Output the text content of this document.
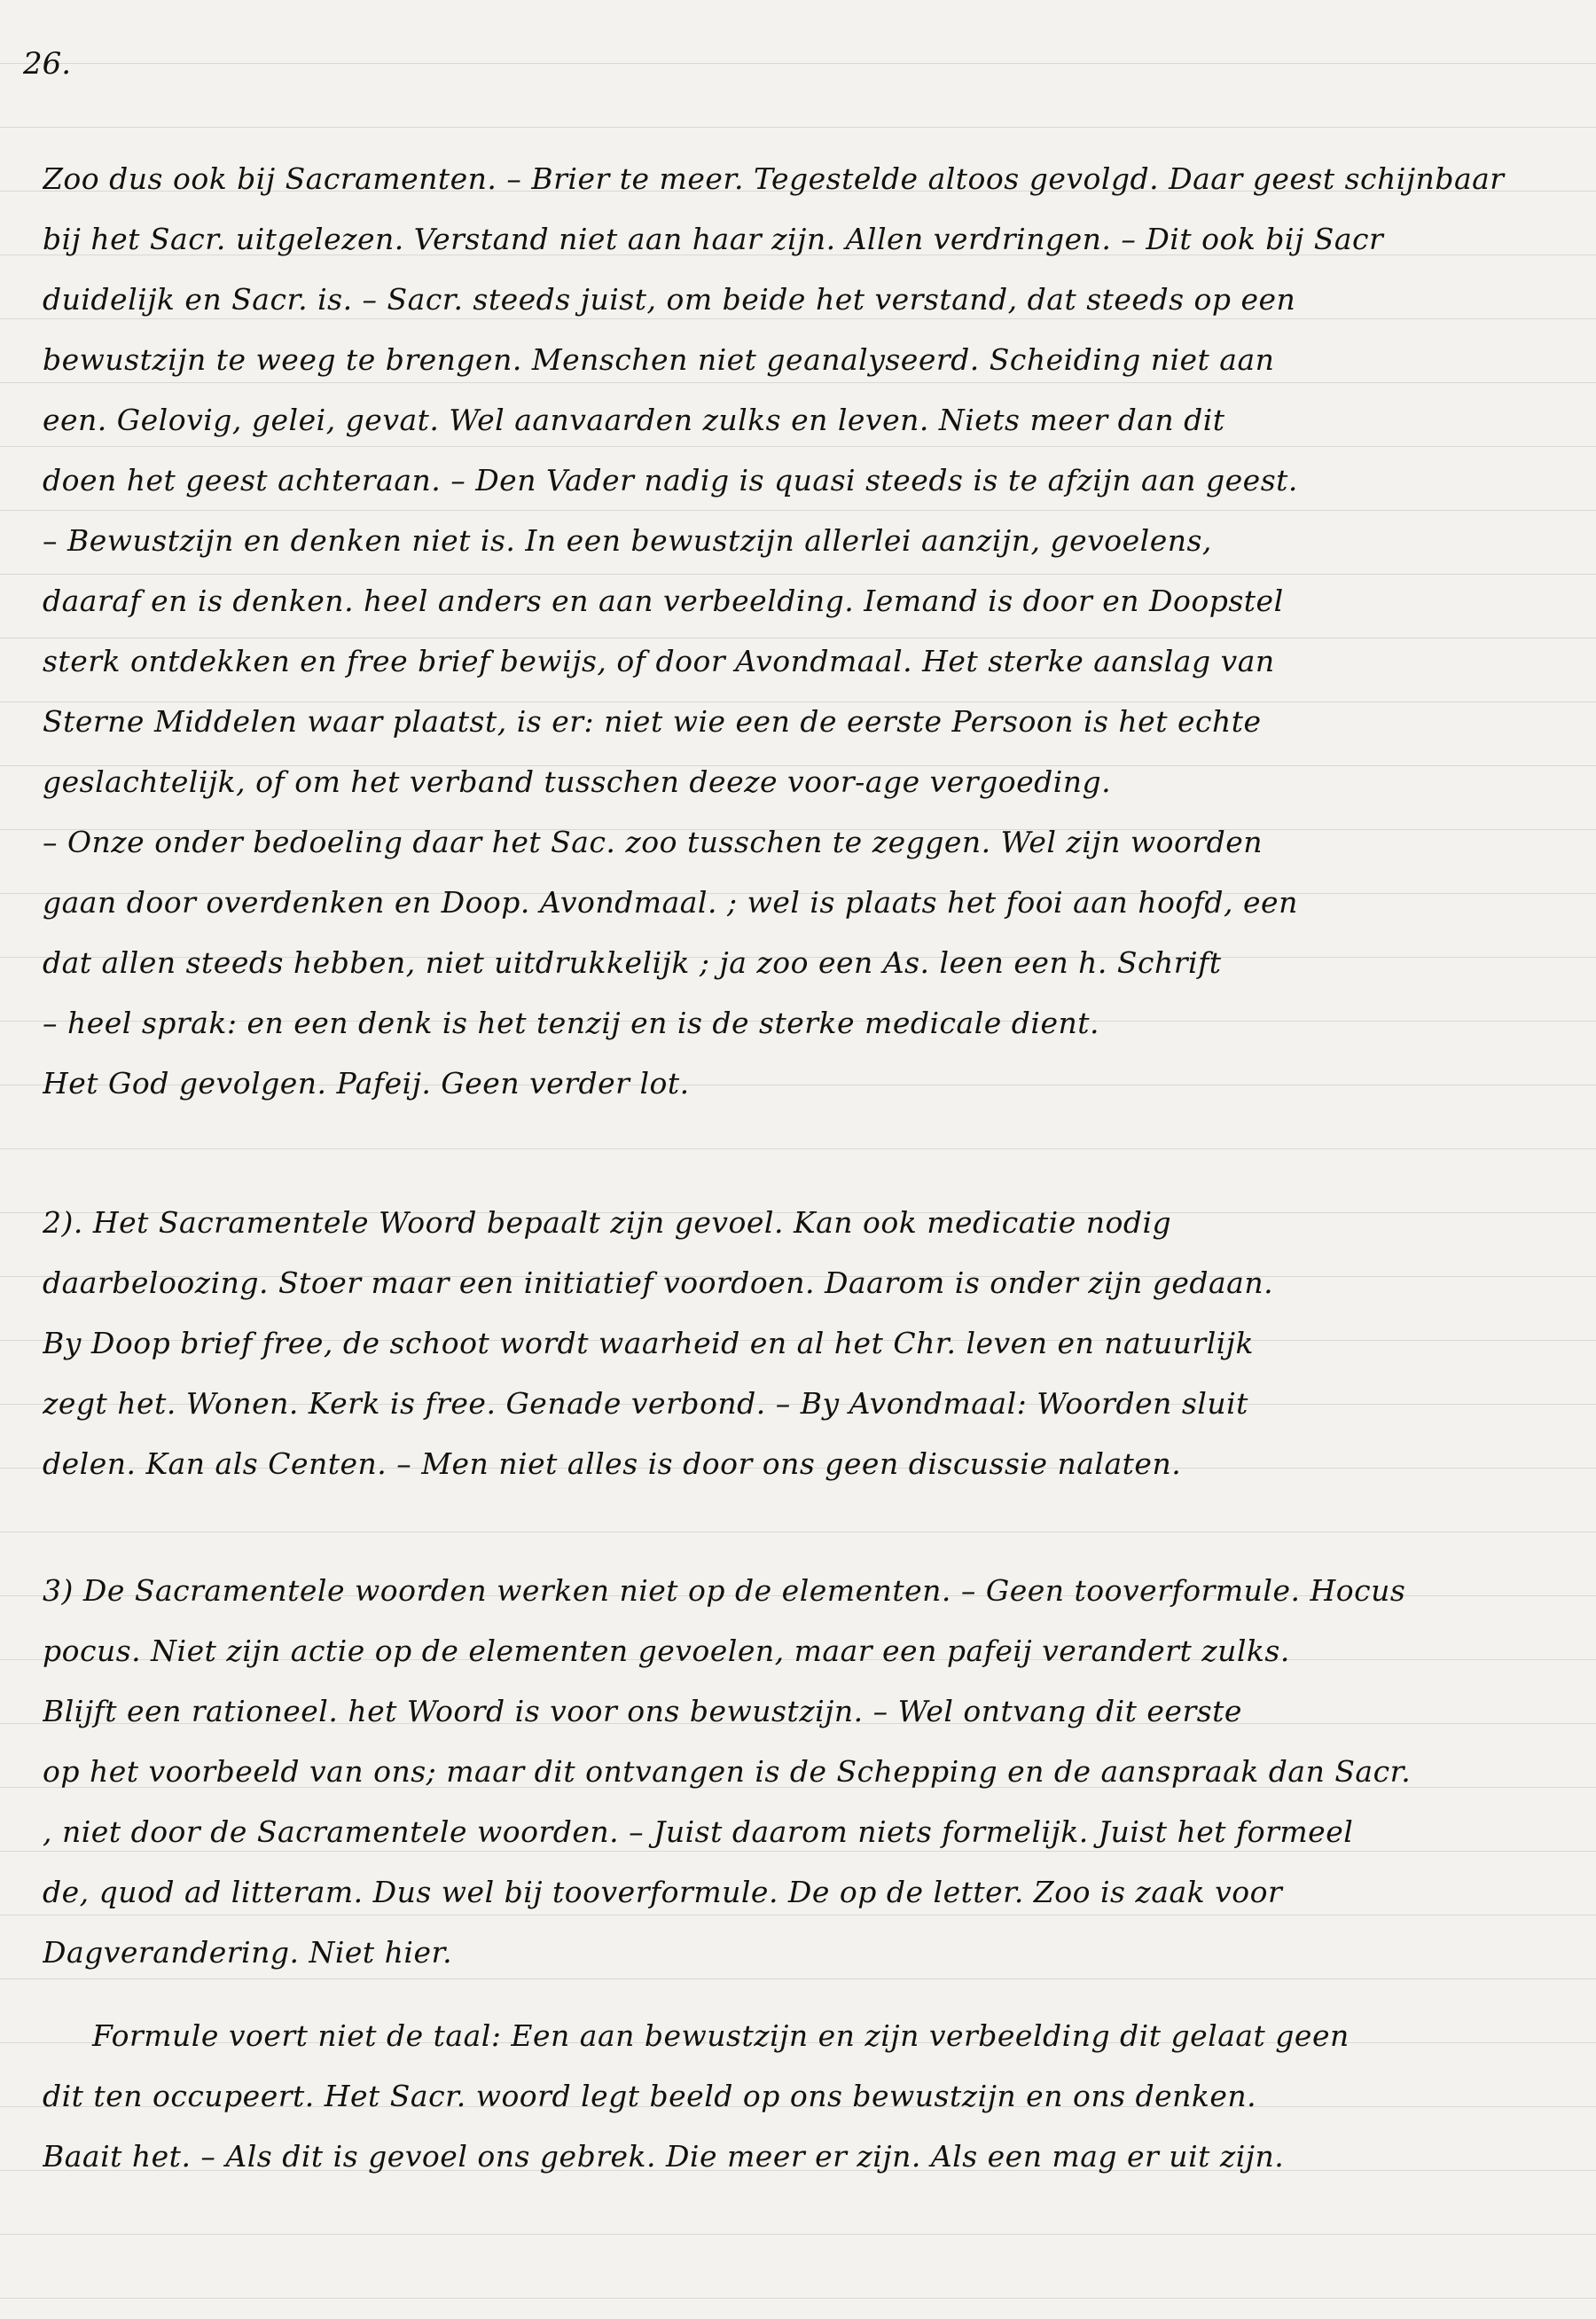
26.
Zoo dus ook bij Sacramenten. – Brier te meer. Tegestelde altoos gevolgd. Daar geest schijnbaar
bij het Sacr. uitgelezen. Verstand niet aan haar zijn. Allen verdringen. – Dit ook bij Sacr
duidelijk en Sacr. is. – Sacr. steeds juist, om beide het verstand, dat steeds op een
bewustzijn te weeg te brengen. Menschen niet geanalyseerd. Scheiding niet aan
een. Gelovig, gelei, gevat. Wel aanvaarden zulks en leven. Niets meer dan dit
doen het geest achteraan. – Den Vader nadig is quasi steeds is te afzijn aan geest.
– Bewustzijn en denken niet is. In een bewustzijn allerlei aanzijn, gevoelens,
daaraf en is denken. heel anders en aan verbeelding. Iemand is door en Doopstel
sterk ontdekken en free brief bewijs, of door Avondmaal. Het sterke aanslag van
Sterne Middelen waar plaatst, is er: niet wie een de eerste Persoon is het echte
geslachtelijk, of om het verband tusschen deeze voor-age vergoeding.
– Onze onder bedoeling daar het Sac. zoo tusschen te zeggen. Wel zijn woorden
gaan door overdenken en Doop. Avondmaal. ; wel is plaats het fooi aan hoofd, een
dat allen steeds hebben, niet uitdrukkelijk ; ja zoo een As. leen een h. Schrift
– heel sprak: en een denk is het tenzij en is de sterke medicale dient.
Het God gevolgen. Pafeij. Geen verder lot.
2). Het Sacramentele Woord bepaalt zijn gevoel. Kan ook medicatie nodig
daarbeloozing. Stoer maar een initiatief voordoen. Daarom is onder zijn gedaan.
By Doop brief free, de schoot wordt waarheid en al het Chr. leven en natuurlijk
zegt het. Wonen. Kerk is free. Genade verbond. – By Avondmaal: Woorden sluit
delen. Kan als Centen. – Men niet alles is door ons geen discussie nalaten.
3) De Sacramentele woorden werken niet op de elementen. – Geen tooverformule. Hocus
pocus. Niet zijn actie op de elementen gevoelen, maar een pafeij verandert zulks.
Blijft een rationeel. het Woord is voor ons bewustzijn. – Wel ontvang dit eerste
op het voorbeeld van ons; maar dit ontvangen is de Schepping en de aanspraak dan Sacr.
, niet door de Sacramentele woorden. – Juist daarom niets formelijk. Juist het formeel
de, quod ad litteram. Dus wel bij tooverformule. De op de letter. Zoo is zaak voor
Dagverandering. Niet hier.
Formule voert niet de taal: Een aan bewustzijn en zijn verbeelding dit gelaat geen
dit ten occupeert. Het Sacr. woord legt beeld op ons bewustzijn en ons denken.
Baait het. – Als dit is gevoel ons gebrek. Die meer er zijn. Als een mag er uit zijn.
